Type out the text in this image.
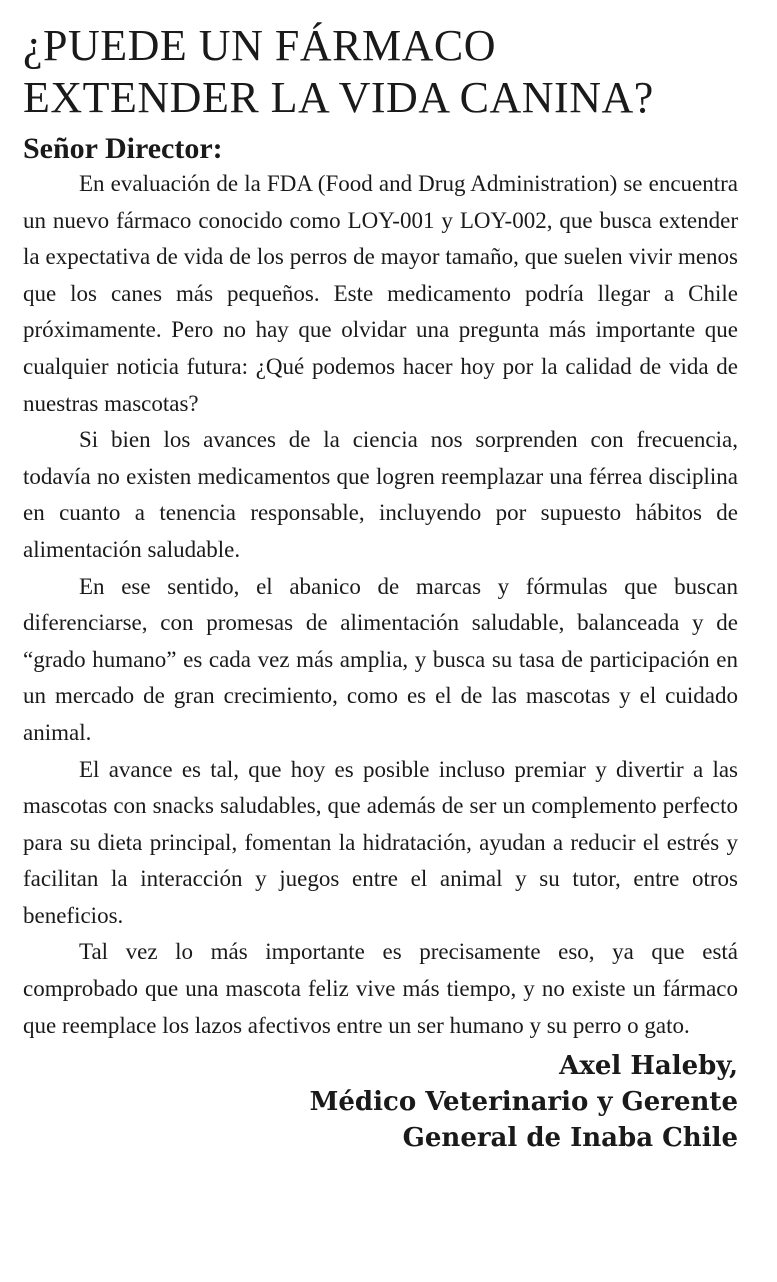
¿PUEDE UN FÁRMACO
EXTENDER LA VIDA CANINA?
Señor Director:

En evaluación de la FDA (Food and Drug Administration) se encuentra un nuevo fármaco conocido como LOY-001 y LOY-002, que busca extender la expectativa de vida de los perros de mayor tamaño, que suelen vivir menos que los canes más pequeños. Este medicamento podría llegar a Chile próximamente. Pero no hay que olvidar una pregunta más importante que cualquier noticia futura: ¿Qué podemos hacer hoy por la calidad de vida de nuestras mascotas?

Si bien los avances de la ciencia nos sorprenden con frecuencia, todavía no existen medicamentos que logren reemplazar una férrea disciplina en cuanto a tenencia responsable, incluyendo por supuesto hábitos de alimentación saludable.

En ese sentido, el abanico de marcas y fórmulas que buscan diferenciarse, con promesas de alimentación saludable, balanceada y de “grado humano” es cada vez más amplia, y busca su tasa de participación en un mercado de gran crecimiento, como es el de las mascotas y el cuidado animal.

El avance es tal, que hoy es posible incluso premiar y divertir a las mascotas con snacks saludables, que además de ser un complemento perfecto para su dieta principal, fomentan la hidratación, ayudan a reducir el estrés y facilitan la interacción y juegos entre el animal y su tutor, entre otros beneficios.

Tal vez lo más importante es precisamente eso, ya que está comprobado que una mascota feliz vive más tiempo, y no existe un fármaco que reemplace los lazos afectivos entre un ser humano y su perro o gato.

Axel Haleby,
Médico Veterinario y Gerente
General de Inaba Chile
